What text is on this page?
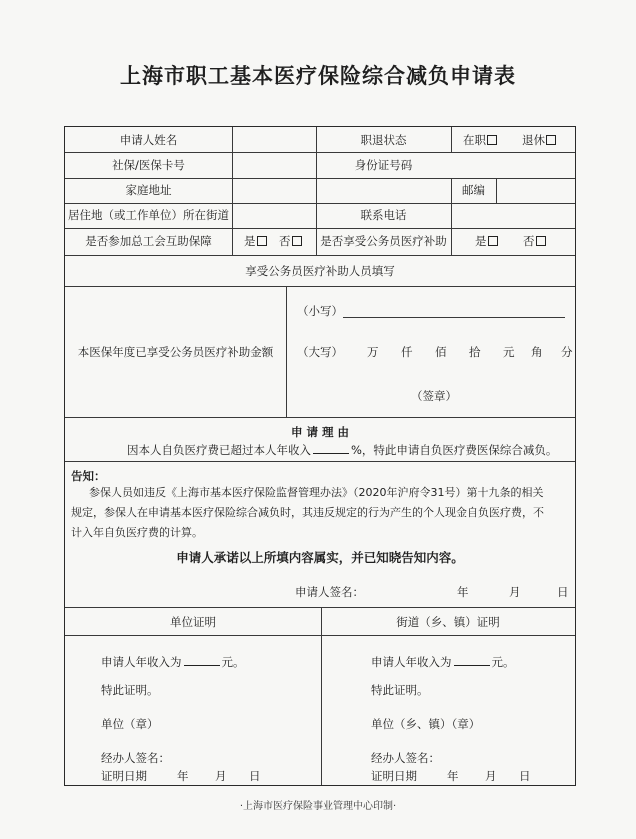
上海市职工基本医疗保险综合减负申请表
申请人姓名	职退状态	在职	退休
社保/医保卡号	身份证号码
家庭地址	邮编
居住地（或工作单位）所在街道	联系电话
是否参加总工会互助保障	是	否	是否享受公务员医疗补助	是	否
享受公务员医疗补助人员填写
本医保年度已享受公务员医疗补助金额
（小写）
（大写） 万 仟 佰 拾 元 角 分
（签章）
申 请 理 由
因本人自负医疗费已超过本人年收入	%，特此申请自负医疗费医保综合减负。
告知：
参保人员如违反《上海市基本医疗保险监督管理办法》（2020年沪府令31号）第十九条的相关
规定，参保人在申请基本医疗保险综合减负时，其违反规定的行为产生的个人现金自负医疗费，不
计入年自负医疗费的计算。
申请人承诺以上所填内容属实，并已知晓告知内容。
申请人签名：	年	月	日
单位证明
申请人年收入为	元。
特此证明。
单位（章）
经办人签名：
证明日期	年 月 日
街道（乡、镇）证明
申请人年收入为	元。
特此证明。
单位（乡、镇）（章）
经办人签名：
证明日期	年 月 日
·上海市医疗保险事业管理中心印制·
